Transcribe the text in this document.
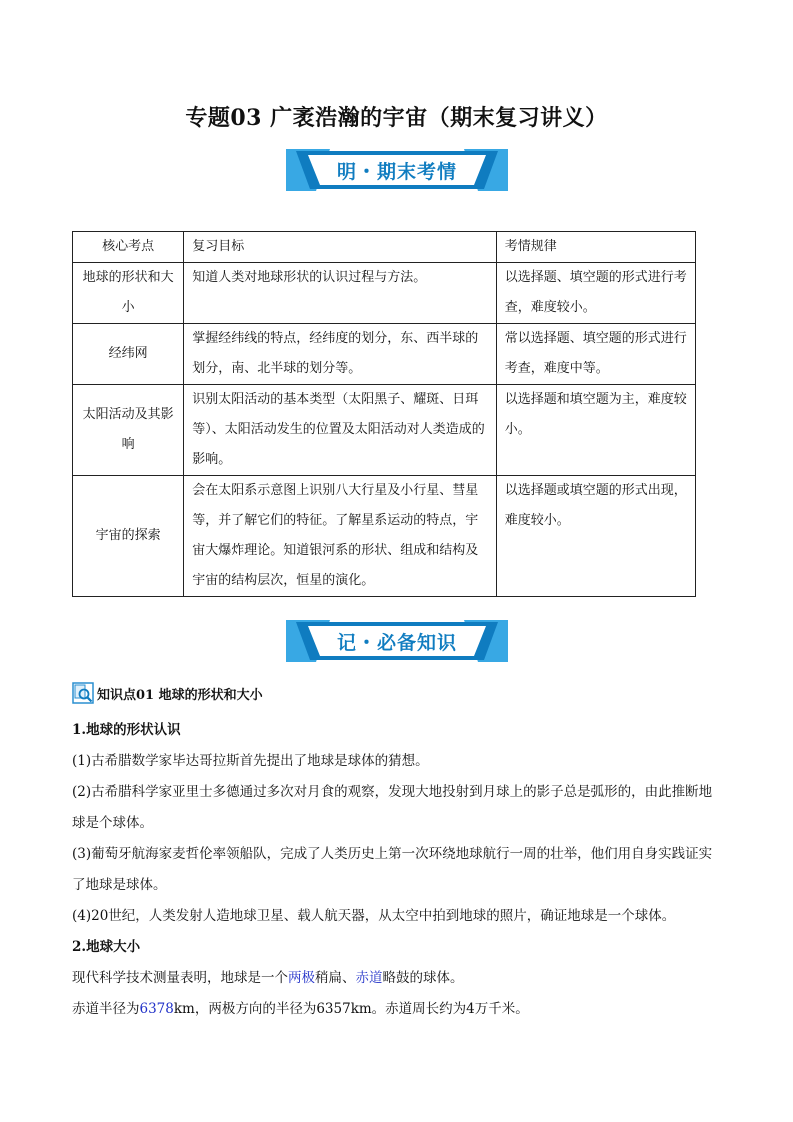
专题03 广袤浩瀚的宇宙（期末复习讲义）
明・期末考情
核心考点	复习目标	考情规律
地球的形状和大小	知道人类对地球形状的认识过程与方法。	以选择题、填空题的形式进行考查，难度较小。
经纬网	掌握经纬线的特点，经纬度的划分，东、西半球的划分，南、北半球的划分等。	常以选择题、填空题的形式进行考查，难度中等。
太阳活动及其影响	识别太阳活动的基本类型（太阳黑子、耀斑、日珥等）、太阳活动发生的位置及太阳活动对人类造成的影响。	以选择题和填空题为主，难度较小。
宇宙的探索	会在太阳系示意图上识别八大行星及小行星、彗星等，并了解它们的特征。了解星系运动的特点，宇宙大爆炸理论。知道银河系的形状、组成和结构及宇宙的结构层次，恒星的演化。	以选择题或填空题的形式出现，难度较小。
记・必备知识
知识点01 地球的形状和大小
1.地球的形状认识
(1)古希腊数学家毕达哥拉斯首先提出了地球是球体的猜想。
(2)古希腊科学家亚里士多德通过多次对月食的观察，发现大地投射到月球上的影子总是弧形的，由此推断地球是个球体。
(3)葡萄牙航海家麦哲伦率领船队，完成了人类历史上第一次环绕地球航行一周的壮举，他们用自身实践证实了地球是球体。
(4)20世纪，人类发射人造地球卫星、载人航天器，从太空中拍到地球的照片，确证地球是一个球体。
2.地球大小
现代科学技术测量表明，地球是一个两极稍扁、赤道略鼓的球体。
赤道半径为6378km，两极方向的半径为6357km。赤道周长约为4万千米。
